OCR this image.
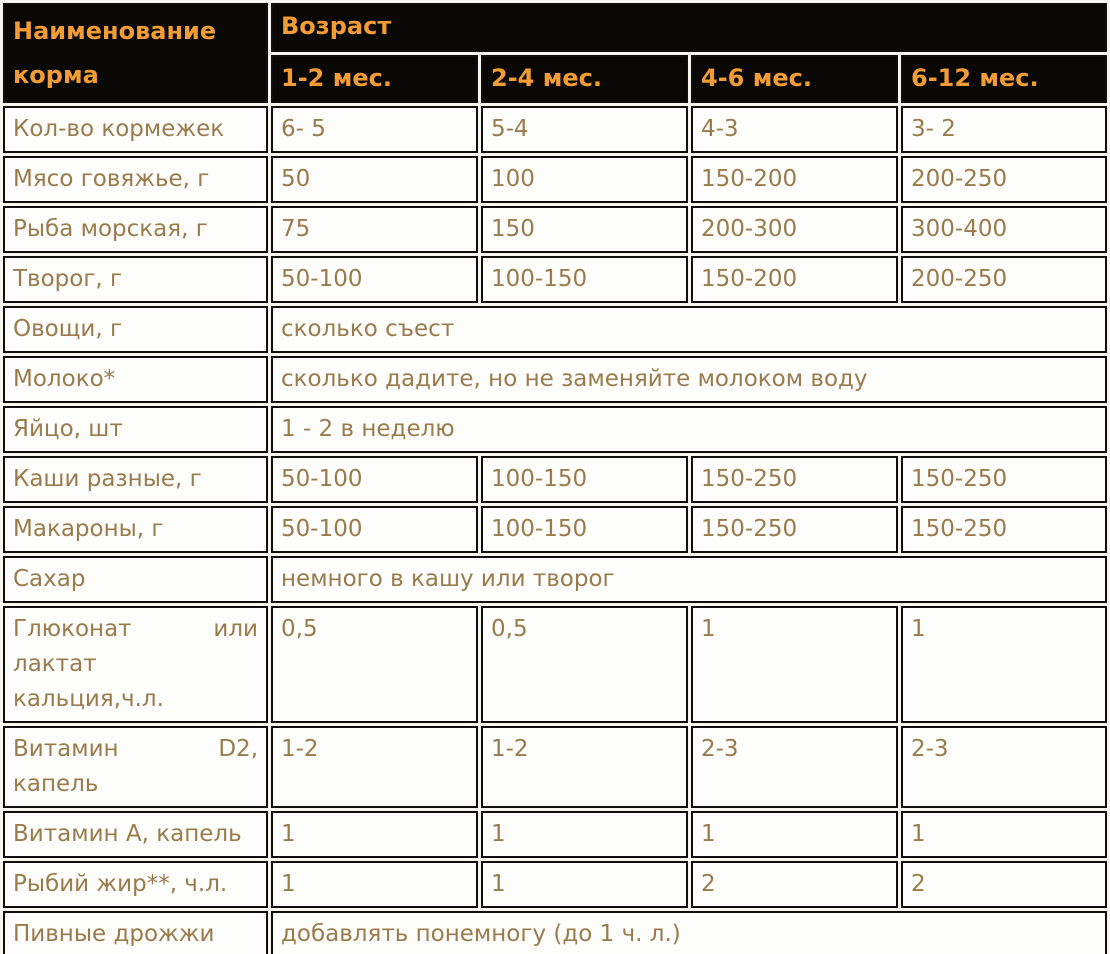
Наименование корма	Возраст			
	1-2 мес.	2-4 мес.	4-6 мес.	6-12 мес.
Кол-во кормежек	6- 5	5-4	4-3	3- 2
Мясо говяжье, г	50	100	150-200	200-250
Рыба морская, г	75	150	200-300	300-400
Творог, г	50-100	100-150	150-200	200-250
Овощи, г	сколько съест			
Молоко*	сколько дадите, но не заменяйте молоком воду			
Яйцо, шт	1 - 2 в неделю			
Каши разные, г	50-100	100-150	150-250	150-250
Макароны, г	50-100	100-150	150-250	150-250
Сахар	немного в кашу или творог			

Глюконат или
лактат
кальция,ч.л.	0,5	0,5	1	1

Витамин D2,
капель	1-2	1-2	2-3	2-3
Витамин А, капель	1	1	1	1
Рыбий жир**, ч.л.	1	1	2	2
Пивные дрожжи	добавлять понемногу (до 1 ч. л.)			
